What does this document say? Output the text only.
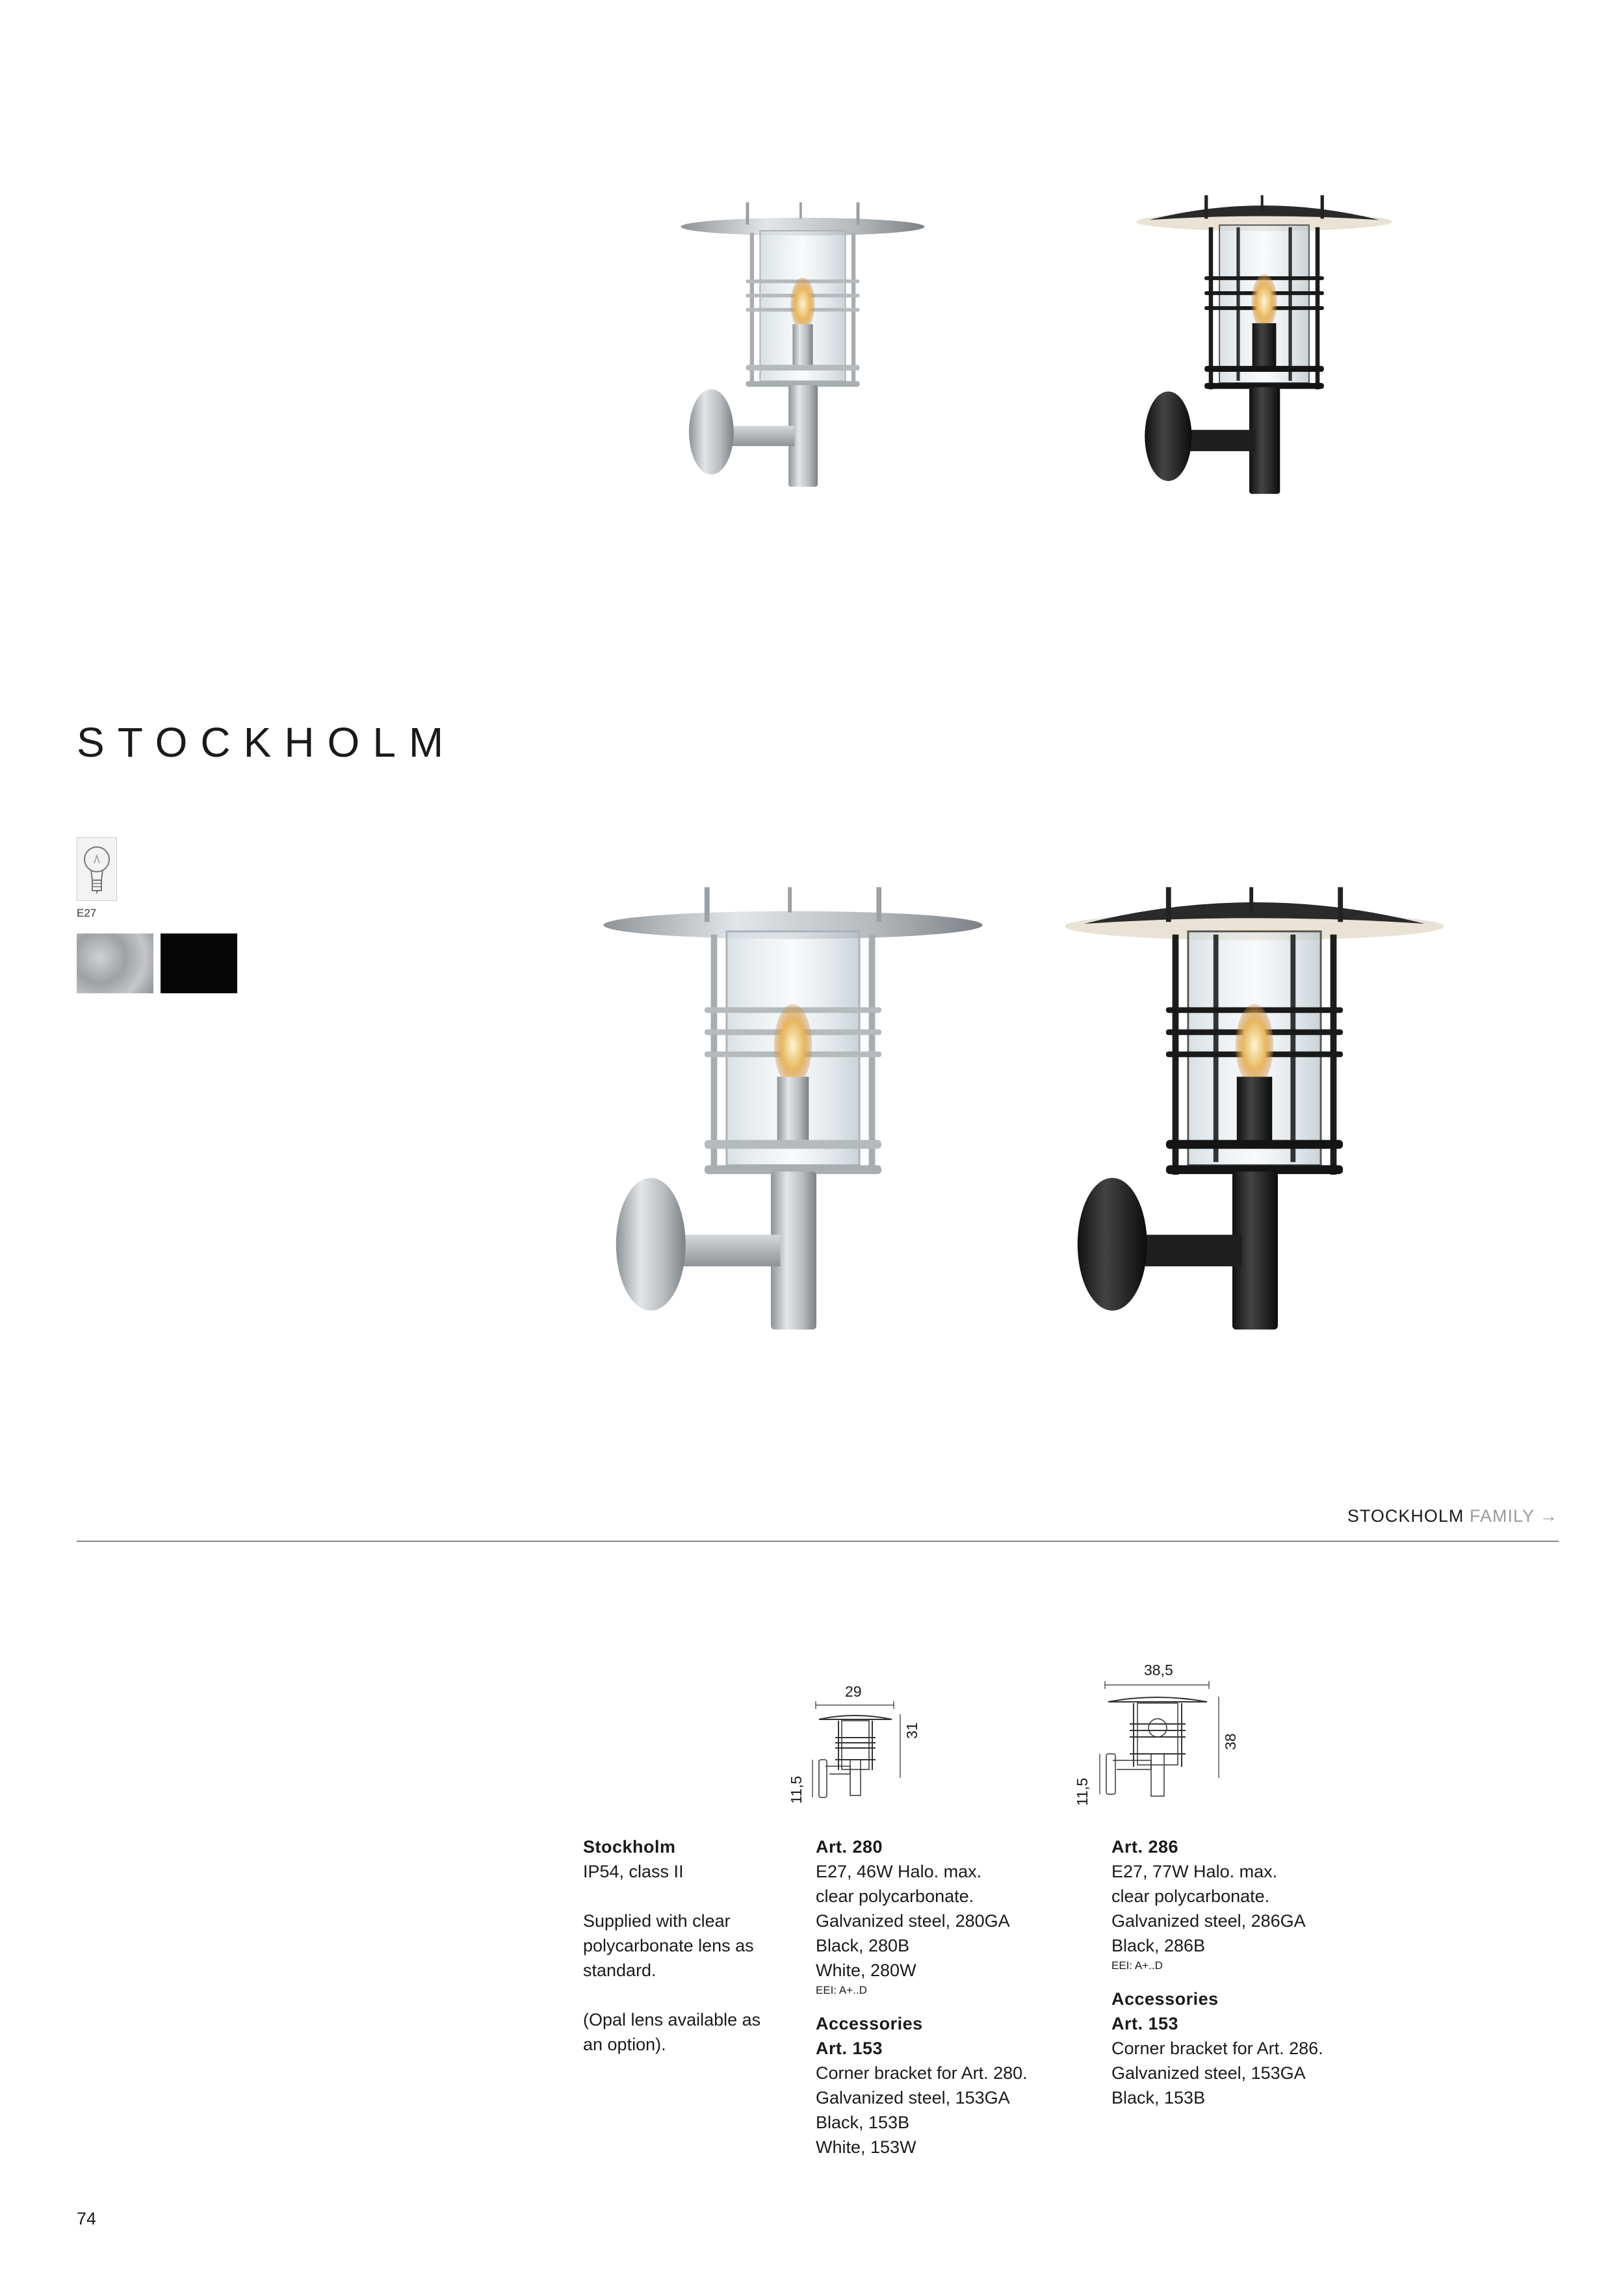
STOCKHOLM
E27
STOCKHOLM FAMILY →
29
31
11,5
38,5
38
11,5
Stockholm
IP54, class II
Supplied with clear
polycarbonate lens as
standard.
(Opal lens available as
an option).
Art. 280
E27, 46W Halo. max.
clear polycarbonate.
Galvanized steel, 280GA
Black, 280B
White, 280W
EEI: A+..D
Accessories
Art. 153
Corner bracket for Art. 280.
Galvanized steel, 153GA
Black, 153B
White, 153W
Art. 286
E27, 77W Halo. max.
clear polycarbonate.
Galvanized steel, 286GA
Black, 286B
EEI: A+..D
Accessories
Art. 153
Corner bracket for Art. 286.
Galvanized steel, 153GA
Black, 153B
74
